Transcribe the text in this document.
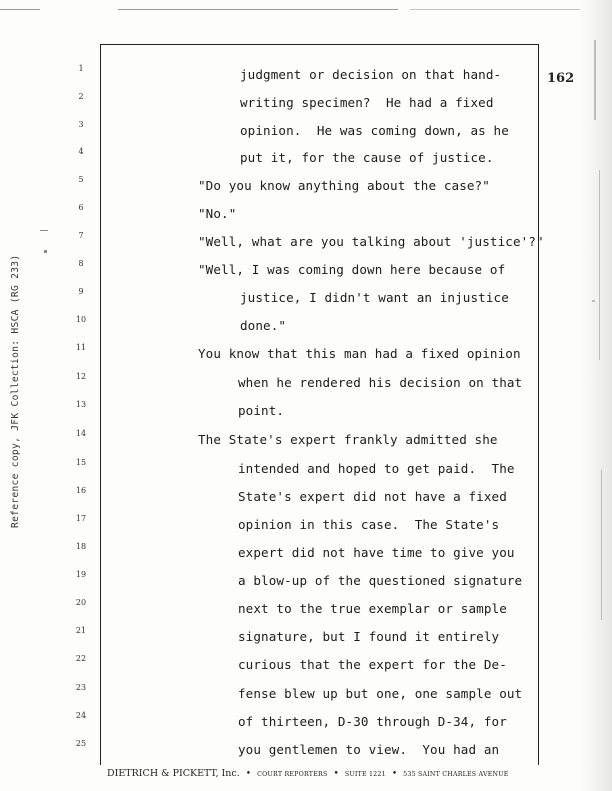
162
Reference copy, JFK Collection: HSCA (RG 233)
1	judgment or decision on that hand-
2	writing specimen?  He had a fixed
3	opinion.  He was coming down, as he
4	put it, for the cause of justice.
5	"Do you know anything about the case?"
6	"No."
7	"Well, what are you talking about 'justice'?"
8	"Well, I was coming down here because of
9	justice, I didn't want an injustice
10	done."
11	You know that this man had a fixed opinion
12	when he rendered his decision on that
13	point.
14	The State's expert frankly admitted she
15	intended and hoped to get paid.  The
16	State's expert did not have a fixed
17	opinion in this case.  The State's
18	expert did not have time to give you
19	a blow-up of the questioned signature
20	next to the true exemplar or sample
21	signature, but I found it entirely
22	curious that the expert for the De-
23	fense blew up but one, one sample out
24	of thirteen, D-30 through D-34, for
25	you gentlemen to view.  You had an
DIETRICH & PICKETT, Inc. • COURT REPORTERS • SUITE 1221 • 535 SAINT CHARLES AVENUE
